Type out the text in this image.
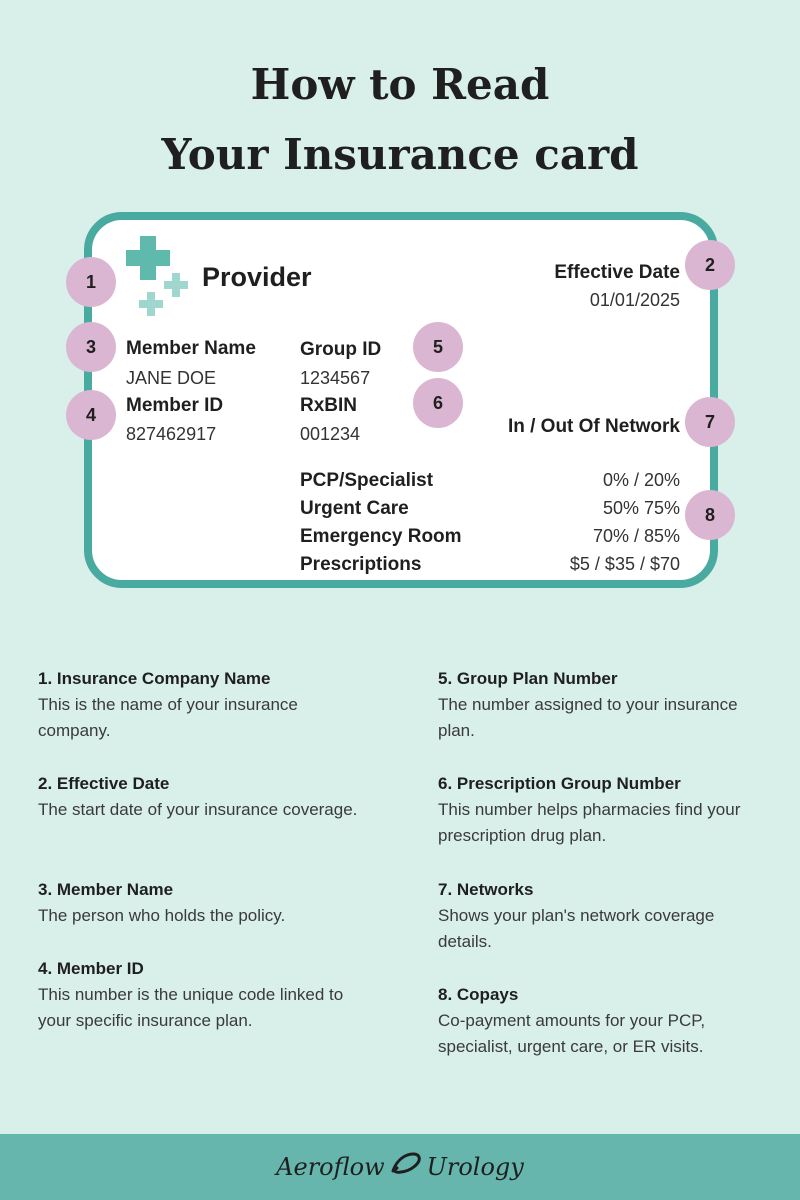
How to Read
Your Insurance card
Provider	Effective Date
01/01/2025
Member Name
JANE DOE
Member ID
827462917
Group ID
1234567
RxBIN
001234	In / Out Of Network
PCP/Specialist	0% / 20%
Urgent Care	50% 75%
Emergency Room	70% / 85%
Prescriptions	$5 / $35 / $70
1
2
3
4
5
6
7
8
1. Insurance Company Name

This is the name of your insurance company.

2. Effective Date

The start date of your insurance coverage.

3. Member Name

The person who holds the policy.

4. Member ID

This number is the unique code linked to your specific insurance plan.

5. Group Plan Number

The number assigned to your insurance plan.

6. Prescription Group Number

This number helps pharmacies find your prescription drug plan.

7. Networks

Shows your plan's network coverage details.

8. Copays

Co-payment amounts for your PCP, specialist, urgent care, or ER visits.

Aeroflow Urology
